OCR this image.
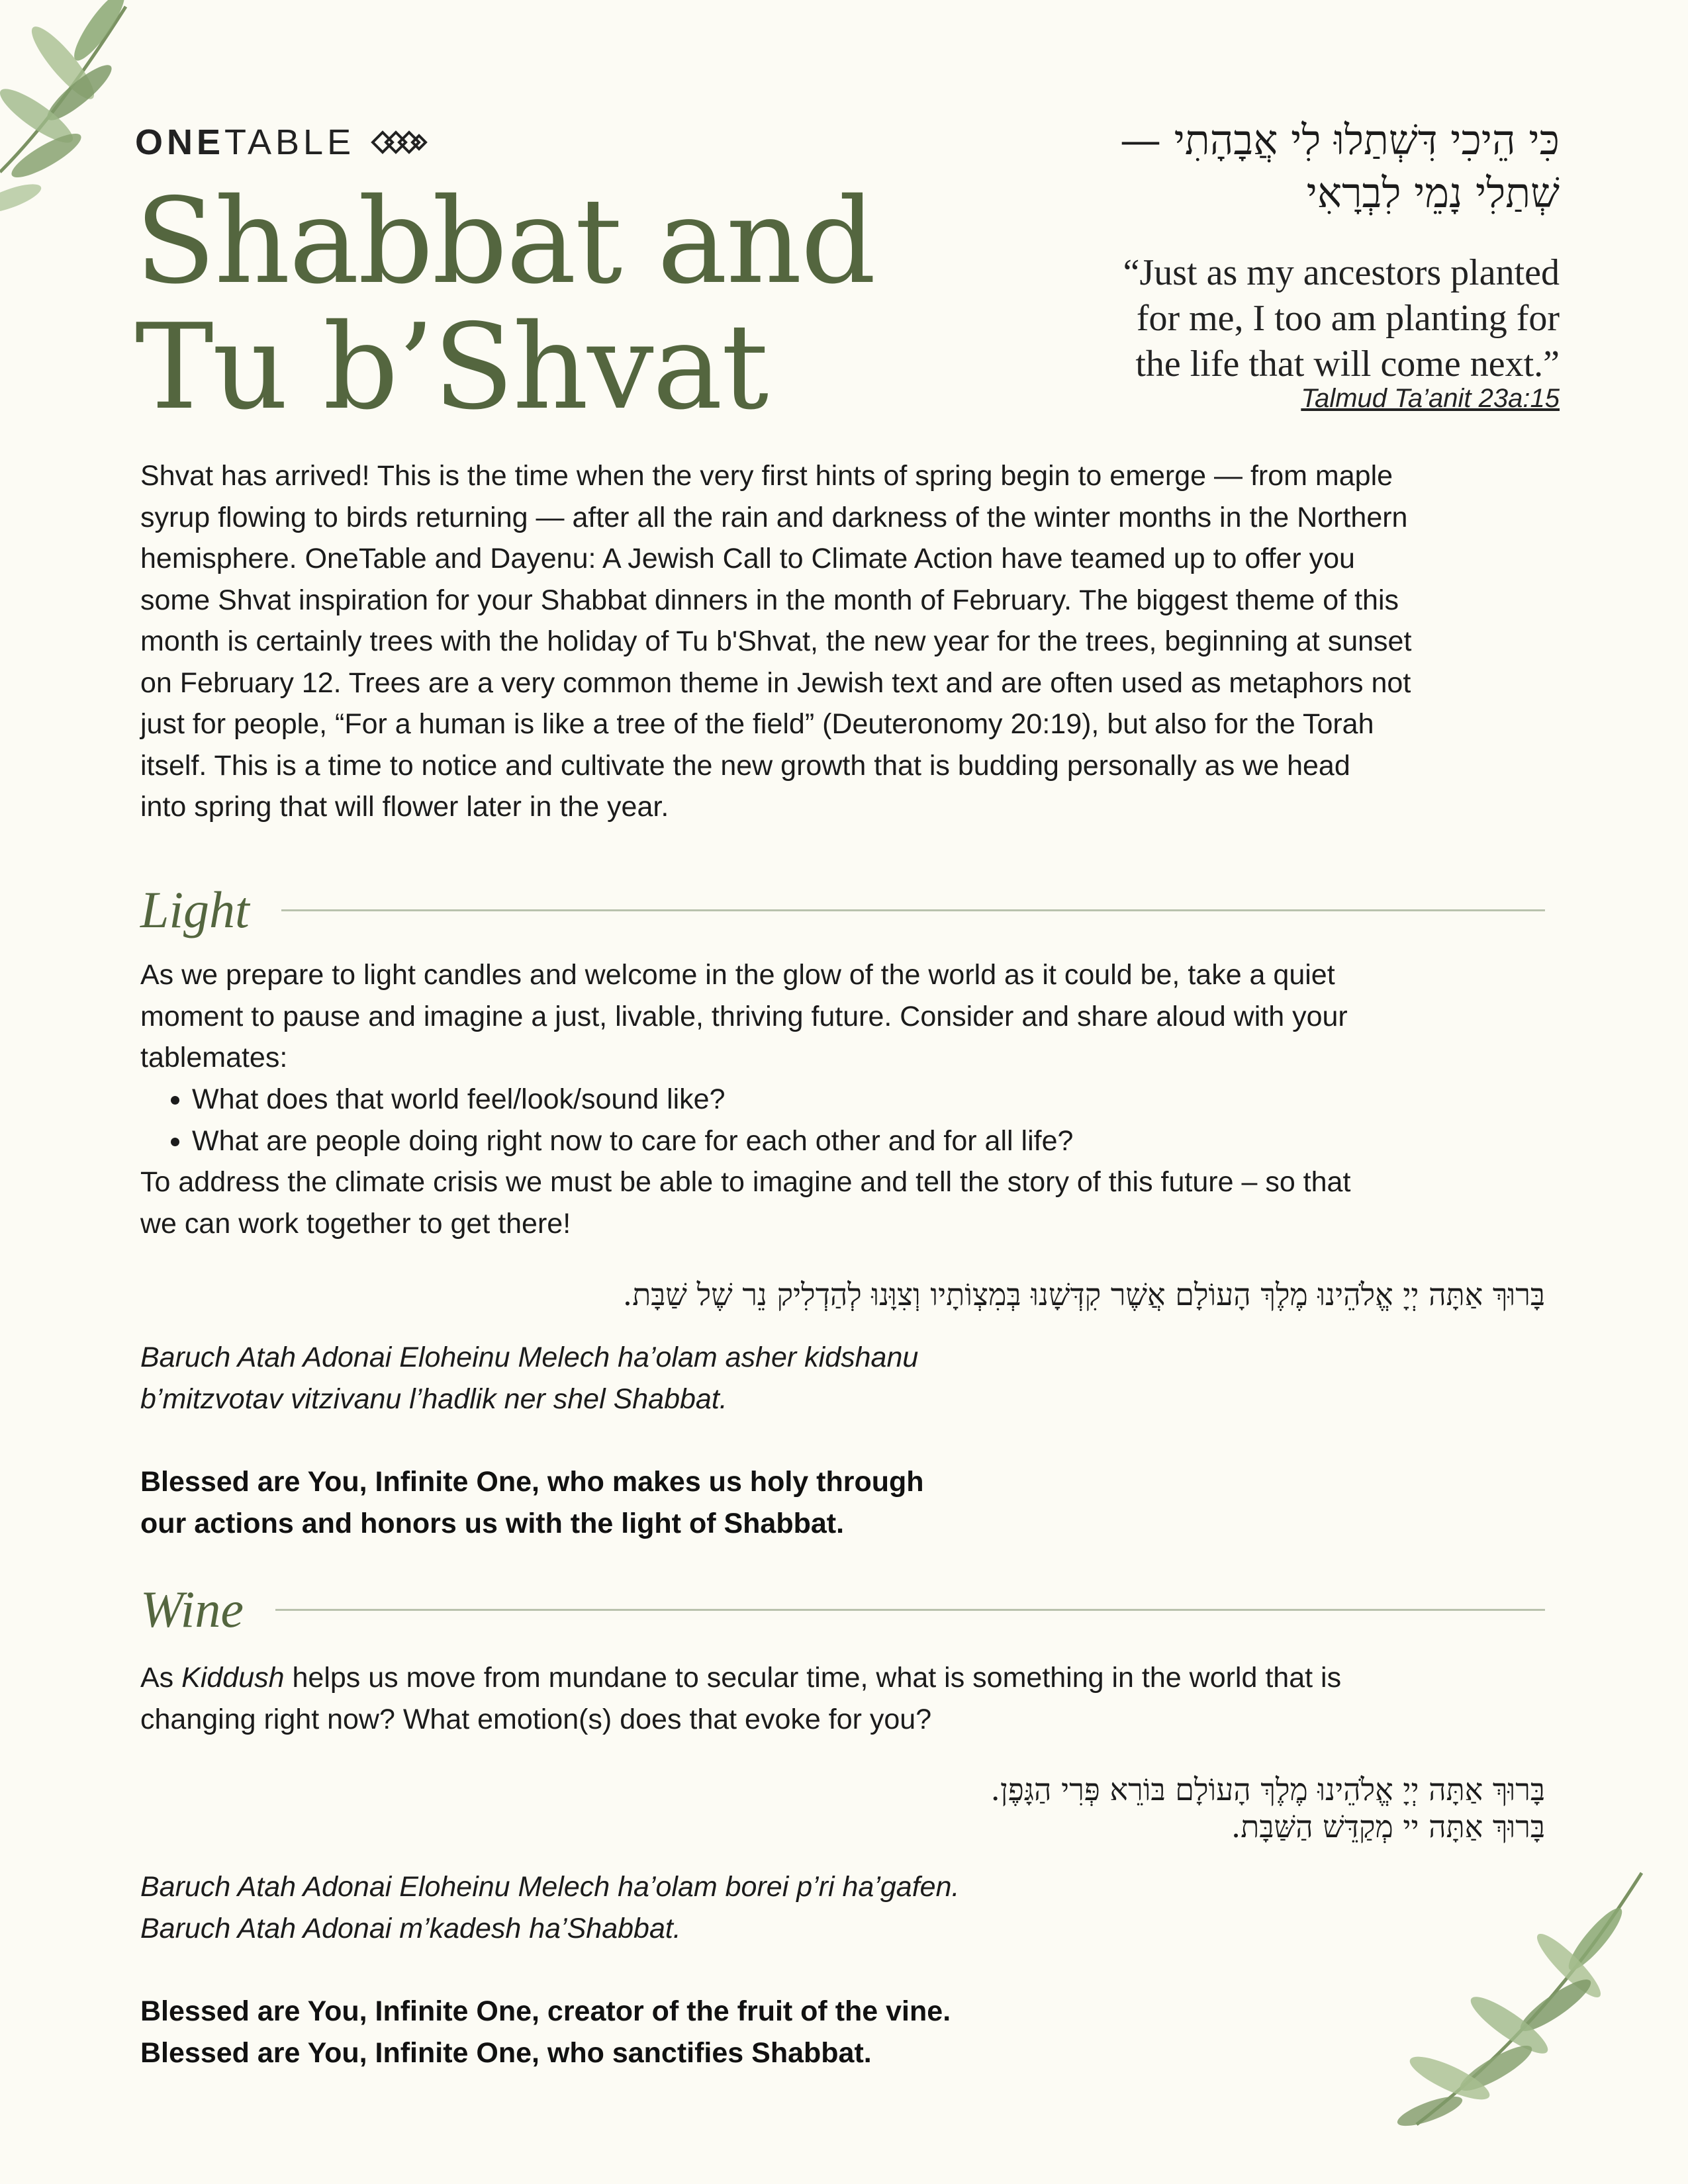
ONETABLE
Shabbat and
Tu b’Shvat
כִּי הֵיכִי דִּשְׁתַלוּ לִי אֲבָהָתִי —
שְׁתַלִי נָמֵי לִבְרָאִי
“Just as my ancestors planted
for me, I too am planting for
the life that will come next.”
Talmud Ta’anit 23a:15

Shvat has arrived! This is the time when the very first hints of spring begin to emerge — from maple
syrup flowing to birds returning — after all the rain and darkness of the winter months in the Northern
hemisphere. OneTable and Dayenu: A Jewish Call to Climate Action have teamed up to offer you
some Shvat inspiration for your Shabbat dinners in the month of February. The biggest theme of this
month is certainly trees with the holiday of Tu b'Shvat, the new year for the trees, beginning at sunset
on February 12. Trees are a very common theme in Jewish text and are often used as metaphors not
just for people, “For a human is like a tree of the field” (Deuteronomy 20:19), but also for the Torah
itself. This is a time to notice and cultivate the new growth that is budding personally as we head
into spring that will flower later in the year.

Light

As we prepare to light candles and welcome in the glow of the world as it could be, take a quiet
moment to pause and imagine a just, livable, thriving future. Consider and share aloud with your
tablemates:

• What does that world feel/look/sound like?
• What are people doing right now to care for each other and for all life?

To address the climate crisis we must be able to imagine and tell the story of this future – so that
we can work together to get there!

בָּרוּךְ אַתָּה יְיָ אֱלֹהֵינוּ מֶלֶךְ הָעוֹלָם אֲשֶׁר קִדְּשָׁנוּ בְּמִצְוֹתָיו וְצִוָּנוּ לְהַדְלִיק נֵר שֶׁל שַׁבָּת.

Baruch Atah Adonai Eloheinu Melech ha’olam asher kidshanu
b’mitzvotav vitzivanu l’hadlik ner shel Shabbat.

Blessed are You, Infinite One, who makes us holy through
our actions and honors us with the light of Shabbat.

Wine

As Kiddush helps us move from mundane to secular time, what is something in the world that is
changing right now? What emotion(s) does that evoke for you?

בָּרוּךְ אַתָּה יְיָ אֱלֹהֵינוּ מֶלֶךְ הָעוֹלָם בּוֹרֵא פְּרִי הַגָּפֶן.
בָּרוּךְ אַתָּה יי מְקַדֵּשׁ הַשַּׁבָּת.

Baruch Atah Adonai Eloheinu Melech ha’olam borei p’ri ha’gafen.
Baruch Atah Adonai m’kadesh ha’Shabbat.

Blessed are You, Infinite One, creator of the fruit of the vine.
Blessed are You, Infinite One, who sanctifies Shabbat.
